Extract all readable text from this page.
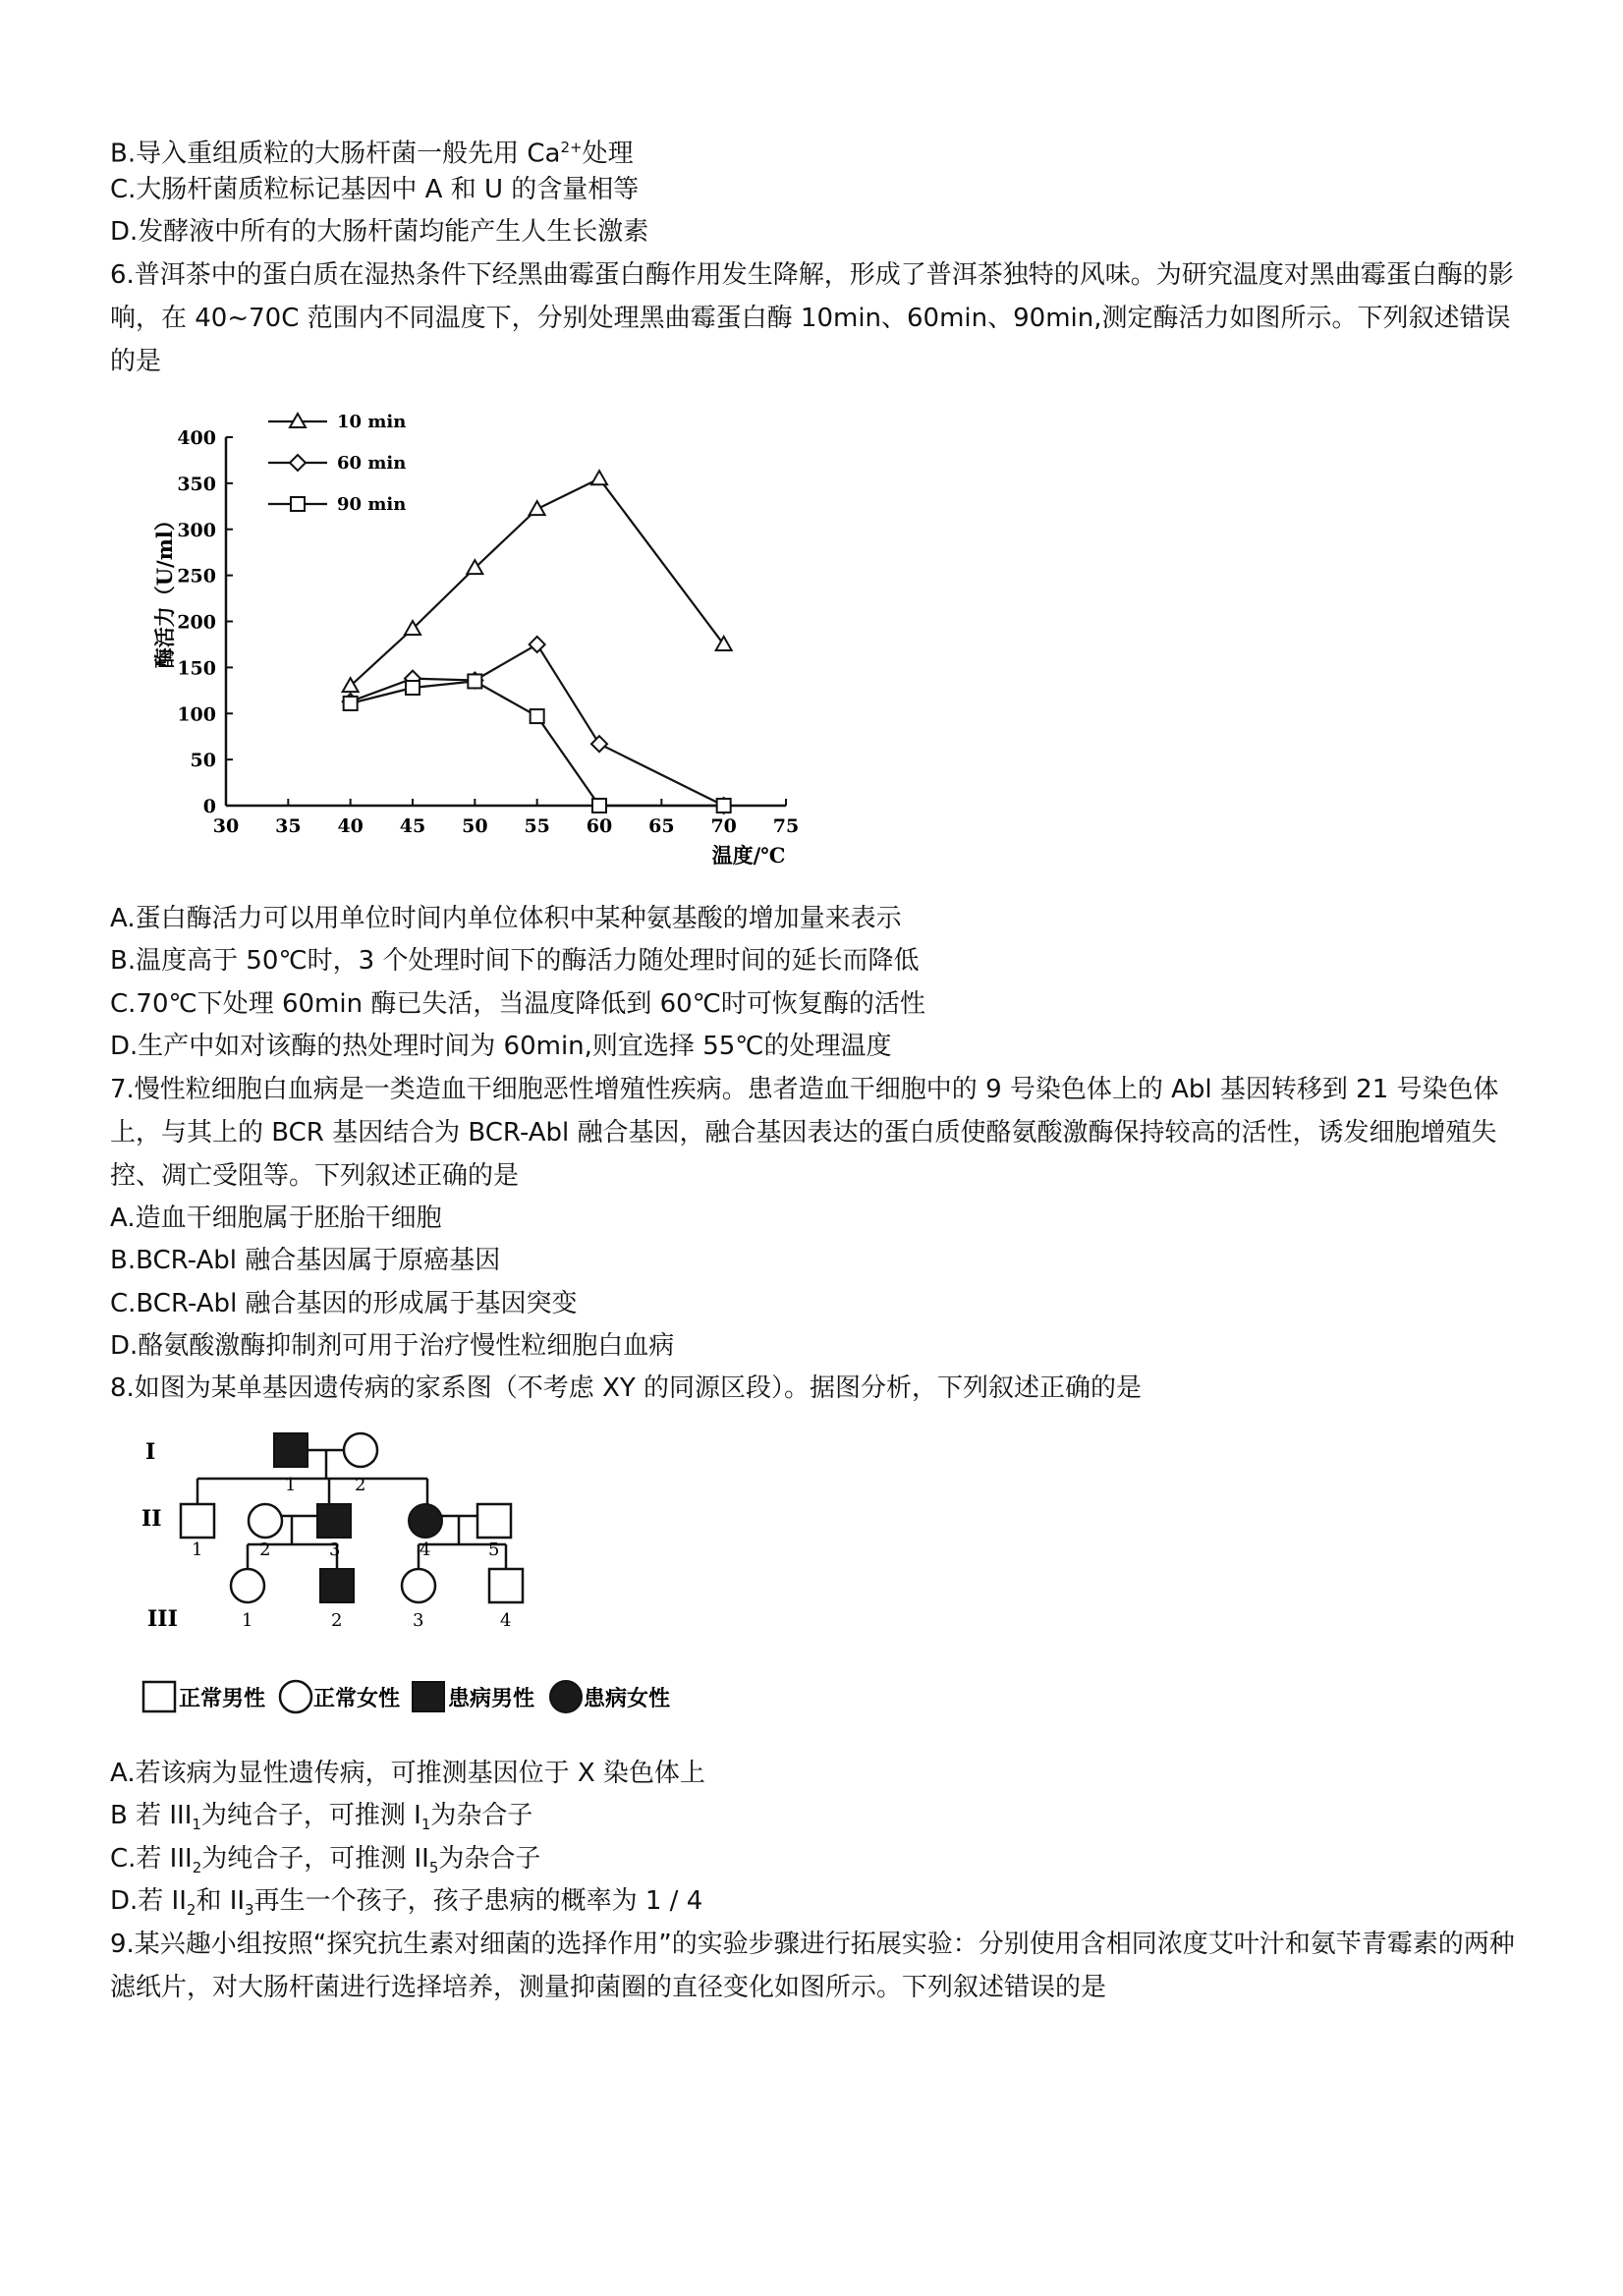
B.导入重组质粒的大肠杆菌一般先用 $Ca^{2+}$处理
C.大肠杆菌质粒标记基因中 A 和 U 的含量相等
D.发酵液中所有的大肠杆菌均能产生人生长激素
6.普洱茶中的蛋白质在湿热条件下经黑曲霉蛋白酶作用发生降解，形成了普洱茶独特的风味。为研究温度对黑曲霉蛋白酶的影响，在 40~70C 范围内不同温度下，分别处理黑曲霉蛋白酶 10min、60min、90min,测定酶活力如图所示。下列叙述错误的是
0
50
100
150
200
250
300
350
400
30 35 40 45 50 55 60 65 70 75
酶活力（U/ml）
温度/℃
10 min
60 min
90 min
A.蛋白酶活力可以用单位时间内单位体积中某种氨基酸的增加量来表示
B.温度高于 50℃时，3 个处理时间下的酶活力随处理时间的延长而降低
C.70℃下处理 60min 酶已失活，当温度降低到 60℃时可恢复酶的活性
D.生产中如对该酶的热处理时间为 60min,则宜选择 55℃的处理温度
7.慢性粒细胞白血病是一类造血干细胞恶性增殖性疾病。患者造血干细胞中的 9 号染色体上的 Abl 基因转移到 21 号染色体上，与其上的 BCR 基因结合为 BCR-Abl 融合基因，融合基因表达的蛋白质使酪氨酸激酶保持较高的活性，诱发细胞增殖失控、凋亡受阻等。下列叙述正确的是
A.造血干细胞属于胚胎干细胞
B.BCR-Abl 融合基因属于原癌基因
C.BCR-Abl 融合基因的形成属于基因突变
D.酪氨酸激酶抑制剂可用于治疗慢性粒细胞白血病
8.如图为某单基因遗传病的家系图（不考虑 XY 的同源区段）。据图分析，下列叙述正确的是
I
II
III
1	2
1	2	3	4	5
1	2	3	4
正常男性 正常女性 患病男性 患病女性
A.若该病为显性遗传病，可推测基因位于 X 染色体上
B 若 $III_1$为纯合子，可推测 $I_1$为杂合子
C.若 $III_2$为纯合子，可推测 $II_5$为杂合子
D.若 $II_2$和 $II_3$再生一个孩子，孩子患病的概率为 1 / 4
9.某兴趣小组按照“探究抗生素对细菌的选择作用”的实验步骤进行拓展实验：分别使用含相同浓度艾叶汁和氨苄青霉素的两种滤纸片，对大肠杆菌进行选择培养，测量抑菌圈的直径变化如图所示。下列叙述错误的是
